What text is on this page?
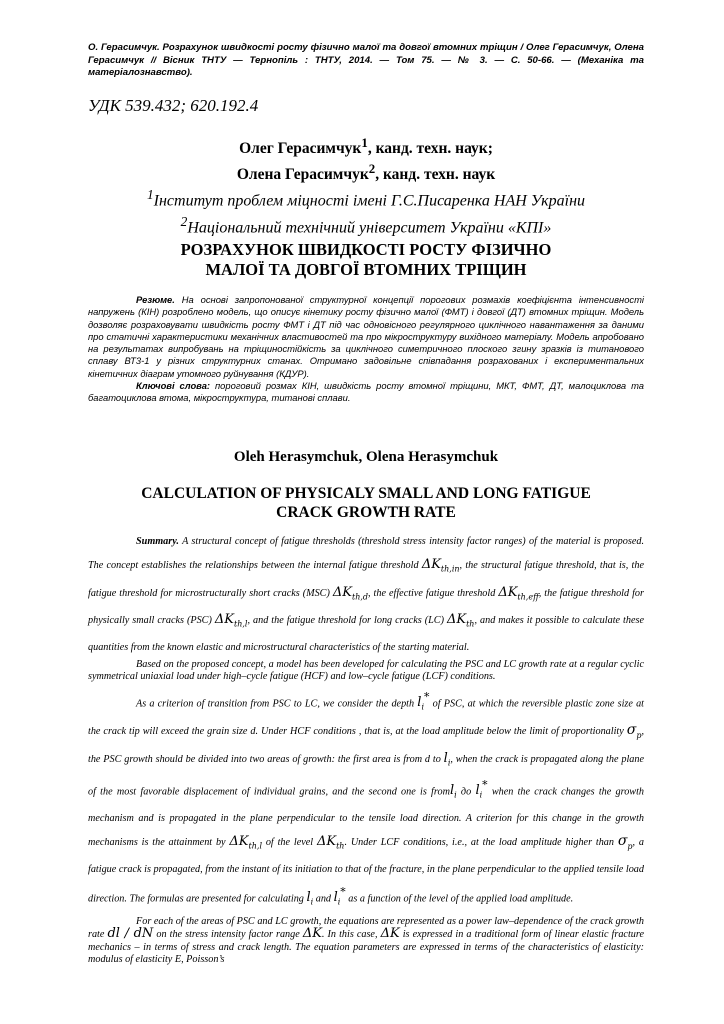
О. Герасимчук. Розрахунок швидкості росту фізично малої та довгої втомних тріщин / Олег Герасимчук, Олена Герасимчук // Вісник ТНТУ — Тернопіль : ТНТУ, 2014. — Том 75. — № 3. — С. 50-66. — (Механіка та матеріалознавство).
УДК 539.432; 620.192.4
Олег Герасимчук$^1$, канд. техн. наук;
Олена Герасимчук$^2$, канд. техн. наук
$^1$Інститут проблем міцності імені Г.С.Писаренка НАН України
$^2$Національний технічний університет України «КПІ»
РОЗРАХУНОК ШВИДКОСТІ РОСТУ ФІЗИЧНО
МАЛОЇ ТА ДОВГОЇ ВТОМНИХ ТРІЩИН

Резюме. На основі запропонованої структурної концепції порогових розмахів коефіцієнта інтенсивності напружень (КІН) розроблено модель, що описує кінетику росту фізично малої (ФМТ) і довгої (ДТ) втомних тріщин. Модель дозволяє розраховувати швидкість росту ФМТ і ДТ під час одновісного регулярного циклічного навантаження за даними про статичні характеристики механічних властивостей та про мікроструктуру вихідного матеріалу. Модель апробовано на результатах випробувань на тріщиностійкість за циклічного симетричного плоского згину зразків із титанового сплаву ВТ3-1 у різних структурних станах. Отримано задовільне співпадання розрахованих і експериментальних кінетичних діаграм утомного руйнування (КДУР).

Ключові слова: пороговий розмах КІН, швидкість росту втомної тріщини, МКТ, ФМТ, ДТ, малоциклова та багатоциклова втома, мікроструктура, титанові сплави.

Oleh Herasymchuk, Olena Herasymchuk
CALCULATION OF PHYSICALY SMALL AND LONG FATIGUE
CRACK GROWTH RATE

Summary. A structural concept of fatigue thresholds (threshold stress intensity factor ranges) of the material is proposed. The concept establishes the relationships between the internal fatigue threshold $\Delta K_{th,in}$, the structural fatigue threshold, that is, the fatigue threshold for microstructurally short cracks (MSC) $\Delta K_{th,d}$, the effective fatigue threshold $\Delta K_{th,eff}$, the fatigue threshold for physically small cracks (PSC) $\Delta K_{th,l}$, and the fatigue threshold for long cracks (LC) $\Delta K_{th}$, and makes it possible to calculate these quantities from the known elastic and microstructural characteristics of the starting material.

Based on the proposed concept, a model has been developed for calculating the PSC and LC growth rate at a regular cyclic symmetrical uniaxial load under high–cycle fatigue (HCF) and low–cycle fatigue (LCF) conditions.

As a criterion of transition from PSC to LC, we consider the depth $l_i^*$ of PSC, at which the reversible plastic zone size at the crack tip will exceed the grain size d. Under HCF conditions , that is, at the load amplitude below the limit of proportionality $\sigma_p$, the PSC growth should be divided into two areas of growth: the first area is from d to $l_i$, when the crack is propagated along the plane of the most favorable displacement of individual grains, and the second one is froml$_i$ до $l_i^*$ when the crack changes the growth mechanism and is propagated in the plane perpendicular to the tensile load direction. A criterion for this change in the growth mechanisms is the attainment by $\Delta K_{th,l}$ of the level $\Delta K_{th}$. Under LCF conditions, i.e., at the load amplitude higher than $\sigma_p$, a fatigue crack is propagated, from the instant of its initiation to that of the fracture, in the plane perpendicular to the applied tensile load direction. The formulas are presented for calculating $l_i$ and $l_i^*$ as a function of the level of the applied load amplitude.

For each of the areas of PSC and LC growth, the equations are represented as a power law–dependence of the crack growth rate dl / dN on the stress intensity factor range ΔK. In this case, ΔK is expressed in a traditional form of linear elastic fracture mechanics – in terms of stress and crack length. The equation parameters are expressed in terms of the characteristics of elasticity: modulus of elasticity E, Poisson’s
